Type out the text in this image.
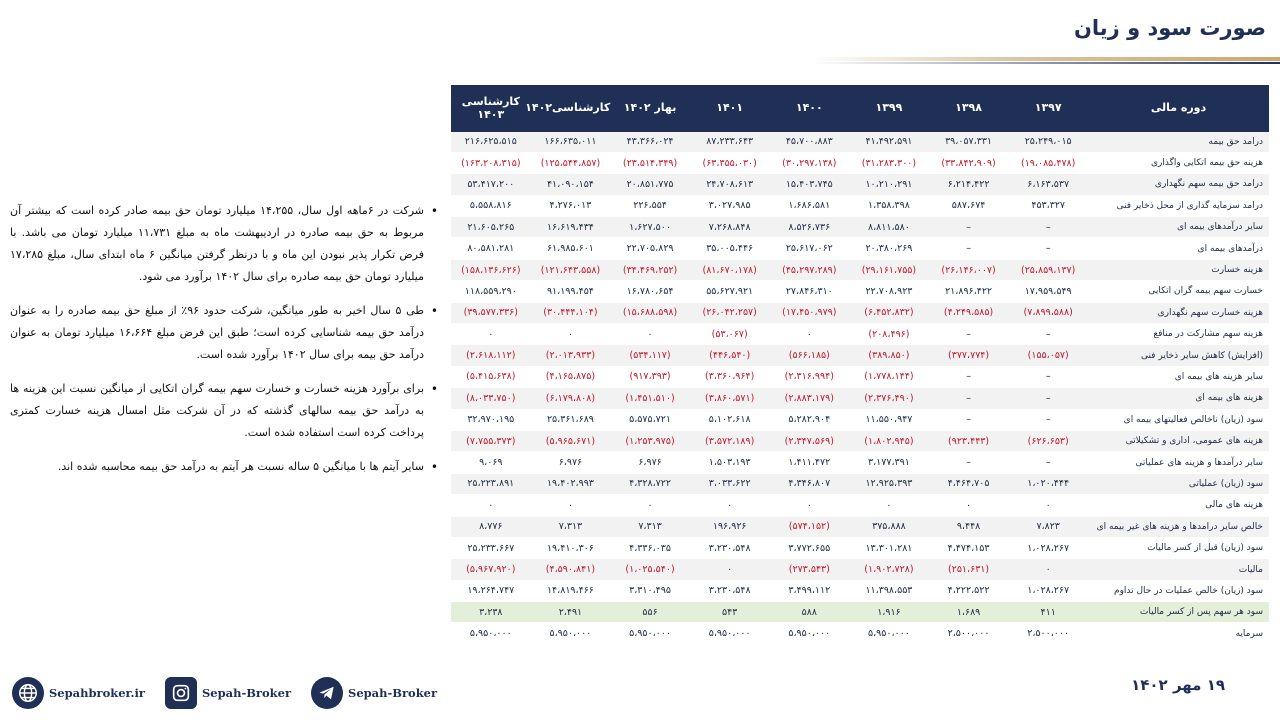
صورت سود و زیان
دوره مالی	۱۳۹۷	۱۳۹۸	۱۳۹۹	۱۴۰۰	۱۴۰۱	بهار ۱۴۰۲	کارشناسی۱۴۰۲	کارشناسی ۱۴۰۳
درامد حق بیمه	۲۵،۲۴۹،۰۱۵	۳۹،۰۵۷،۳۳۱	۴۱،۴۹۲،۵۹۱	۴۵،۷۰۰،۸۸۳	۸۷،۲۳۳،۶۴۳	۴۳،۳۶۶،۰۲۴	۱۶۶،۶۳۵،۰۱۱	۲۱۶،۶۲۵،۵۱۵
هزینه حق بیمه اتکایی واگذاری	(۱۹،۰۸۵،۴۷۸)	(۳۳،۸۴۲،۹۰۹)	(۳۱،۲۸۳،۳۰۰)	(۳۰،۲۹۷،۱۳۸)	(۶۳،۳۵۵،۰۳۰)	(۲۳،۵۱۴،۳۴۹)	(۱۲۵،۵۴۴،۸۵۷)	(۱۶۳،۲۰۸،۳۱۵)
درامد حق بیمه سهم نگهداری	۶،۱۶۳،۵۳۷	۶،۲۱۴،۴۲۲	۱۰،۲۱۰،۲۹۱	۱۵،۴۰۳،۷۴۵	۲۴،۷۰۸،۶۱۳	۲۰،۸۵۱،۷۷۵	۴۱،۰۹۰،۱۵۴	۵۳،۴۱۷،۲۰۰
درامد سرمایه گذاری از محل ذخایر فنی	۴۵۳،۳۲۷	۵۸۷،۶۷۴	۱،۳۵۸،۳۹۸	۱،۶۸۶،۵۸۱	۳،۰۲۷،۹۸۵	۲۲۶،۵۵۴	۴،۲۷۶،۰۱۳	۵،۵۵۸،۸۱۶
سایر درآمدهای بیمه ای	–	–	۸،۸۱۱،۵۸۰	۸،۵۲۶،۷۳۶	۷،۲۶۸،۸۴۸	۱،۶۲۷،۵۰۰	۱۶،۶۱۹،۴۳۴	۲۱،۶۰۵،۲۶۵
درآمدهای بیمه ای	–	–	۲۰،۳۸۰،۲۶۹	۲۵،۶۱۷،۰۶۲	۳۵،۰۰۵،۴۴۶	۲۲،۷۰۵،۸۲۹	۶۱،۹۸۵،۶۰۱	۸۰،۵۸۱،۲۸۱
هزینه خسارت	(۲۵،۸۵۹،۱۳۷)	(۲۶،۱۴۶،۰۰۷)	(۲۹،۱۶۱،۷۵۵)	(۴۵،۲۹۷،۲۸۹)	(۸۱،۶۷۰،۱۷۸)	(۳۴،۴۶۹،۲۵۲)	(۱۲۱،۶۴۳،۵۵۸)	(۱۵۸،۱۳۶،۶۲۶)
خسارت سهم بیمه گران اتکایی	۱۷،۹۵۹،۵۴۹	۲۱،۸۹۶،۴۲۲	۲۲،۷۰۸،۹۲۳	۲۷،۸۴۶،۳۱۰	۵۵،۶۲۷،۹۲۱	۱۶،۷۸۰،۶۵۴	۹۱،۱۹۹،۴۵۴	۱۱۸،۵۵۹،۲۹۰
هزینه خسارت سهم نگهداری	(۷،۸۹۹،۵۸۸)	(۴،۲۴۹،۵۸۵)	(۶،۴۵۲،۸۳۲)	(۱۷،۴۵۰،۹۷۹)	(۲۶،۰۴۲،۲۵۷)	(۱۵،۶۸۸،۵۹۸)	(۳۰،۴۴۴،۱۰۴)	(۳۹،۵۷۷،۳۳۶)
هزینه سهم مشارکت در منافع	–	–	(۲۰۸،۴۹۶)	۰	(۵۳،۰۶۷)	۰	۰	۰
(افزایش) کاهش سایر ذخایر فنی	(۱۵۵،۰۵۷)	(۳۷۷،۷۷۴)	(۳۸۹،۸۵۰)	(۵۶۶،۱۸۵)	(۴۴۶،۵۴۰)	(۵۳۴،۱۱۷)	(۲،۰۱۳،۹۳۳)	(۲،۶۱۸،۱۱۲)
سایر هزینه های بیمه ای	–	–	(۱،۷۷۸،۱۴۴)	(۲،۳۱۶،۹۹۴)	(۳،۳۶۰،۹۶۴)	(۹۱۷،۳۹۳)	(۴،۱۶۵،۸۷۵)	(۵،۴۱۵،۶۳۸)
هزینه های بیمه ای	–	–	(۲،۳۷۶،۴۹۰)	(۲،۸۸۳،۱۷۹)	(۳،۸۶۰،۵۷۱)	(۱،۴۵۱،۵۱۰)	(۶،۱۷۹،۸۰۸)	(۸،۰۳۳،۷۵۰)
سود (زیان) ناخالص فعالیتهای بیمه ای	–	–	۱۱،۵۵۰،۹۴۷	۵،۲۸۲،۹۰۴	۵،۱۰۲،۶۱۸	۵،۵۷۵،۷۲۱	۲۵،۳۶۱،۶۸۹	۳۲،۹۷۰،۱۹۵
هزینه های عمومی، اداری و تشکیلاتی	(۶۲۶،۶۵۳)	(۹۲۳،۴۴۳)	(۱،۸۰۲،۹۴۵)	(۲،۳۴۷،۵۶۹)	(۳،۵۷۲،۱۸۹)	(۱،۲۵۳،۹۷۵)	(۵،۹۶۵،۶۷۱)	(۷،۷۵۵،۳۷۳)
سایر درآمدها و هزینه های عملیاتی	–	–	۳،۱۷۷،۳۹۱	۱،۴۱۱،۴۷۲	۱،۵۰۳،۱۹۳	۶،۹۷۶	۶،۹۷۶	۹،۰۶۹
سود (زیان) عملیاتی	۱،۰۲۰،۴۴۴	۴،۴۶۴،۷۰۵	۱۲،۹۲۵،۳۹۳	۴،۳۴۶،۸۰۷	۳،۰۳۳،۶۲۲	۴،۳۲۸،۷۲۲	۱۹،۴۰۲،۹۹۳	۲۵،۲۲۳،۸۹۱
هزینه های مالی	۰	۰	۰	۰	۰	۰	۰	۰
خالص سایر درامدها و هزینه های غیر بیمه ای	۷،۸۲۳	۹،۴۴۸	۳۷۵،۸۸۸	(۵۷۴،۱۵۲)	۱۹۶،۹۲۶	۷،۳۱۳	۷،۳۱۳	۸،۷۷۶
سود (زیان) قبل از کسر مالیات	۱،۰۲۸،۲۶۷	۴،۴۷۴،۱۵۳	۱۳،۳۰۱،۲۸۱	۳،۷۷۲،۶۵۵	۳،۲۳۰،۵۴۸	۴،۳۳۶،۰۳۵	۱۹،۴۱۰،۳۰۶	۲۵،۲۳۳،۶۶۷
مالیات	۰	(۲۵۱،۶۳۱)	(۱،۹۰۲،۷۲۸)	(۲۷۳،۵۴۳)	۰	(۱،۰۲۵،۵۴۰)	(۴،۵۹۰،۸۴۱)	(۵،۹۶۷،۹۲۰)
سود (زیان) خالص عملیات در حال تداوم	۱،۰۲۸،۲۶۷	۴،۲۲۲،۵۲۲	۱۱،۳۹۸،۵۵۳	۳،۴۹۹،۱۱۲	۳،۲۳۰،۵۴۸	۳،۳۱۰،۴۹۵	۱۴،۸۱۹،۴۶۶	۱۹،۲۶۴،۷۴۷
سود هر سهم پس از کسر مالیات	۴۱۱	۱،۶۸۹	۱،۹۱۶	۵۸۸	۵۴۳	۵۵۶	۲،۴۹۱	۳،۲۳۸
سرمایه	۲،۵۰۰،۰۰۰	۲،۵۰۰،۰۰۰	۵،۹۵۰،۰۰۰	۵،۹۵۰،۰۰۰	۵،۹۵۰،۰۰۰	۵،۹۵۰،۰۰۰	۵،۹۵۰،۰۰۰	۵،۹۵۰،۰۰۰
• شرکت در ۶ماهه اول سال، ۱۴،۲۵۵ میلیارد تومان حق بیمه صادر کرده است که بیشتر آن مربوط به حق بیمه صادره در اردیبهشت ماه به مبلغ ۱۱،۷۳۱ میلیارد تومان می باشد. با فرض تکرار پذیر نبودن این ماه و با درنظر گرفتن میانگین ۶ ماه ابتدای سال، مبلغ ۱۷،۲۸۵ میلیارد تومان حق بیمه صادره برای سال ۱۴۰۲ برآورد می شود.
• طی ۵ سال اخیر به طور میانگین، شرکت حدود ۹۶٪ از مبلغ حق بیمه صادره را به عنوان درآمد حق بیمه شناسایی کرده است؛ طبق این فرض مبلغ ۱۶،۶۶۴ میلیارد تومان به عنوان درآمد حق بیمه برای سال ۱۴۰۲ برآورد شده است.
• برای برآورد هزینه خسارت و خسارت سهم بیمه گران اتکایی از میانگین نسبت این هزینه ها به درآمد حق بیمه سالهای گذشته که در آن شرکت مثل امسال هزینه خسارت کمتری پرداخت کرده است استفاده شده است.
• سایر آیتم ها با میانگین ۵ ساله نسبت هر آیتم به درآمد حق بیمه محاسبه شده اند.
۱۹ مهر ۱۴۰۲
Sepahbroker.ir	Sepah-Broker	Sepah-Broker
